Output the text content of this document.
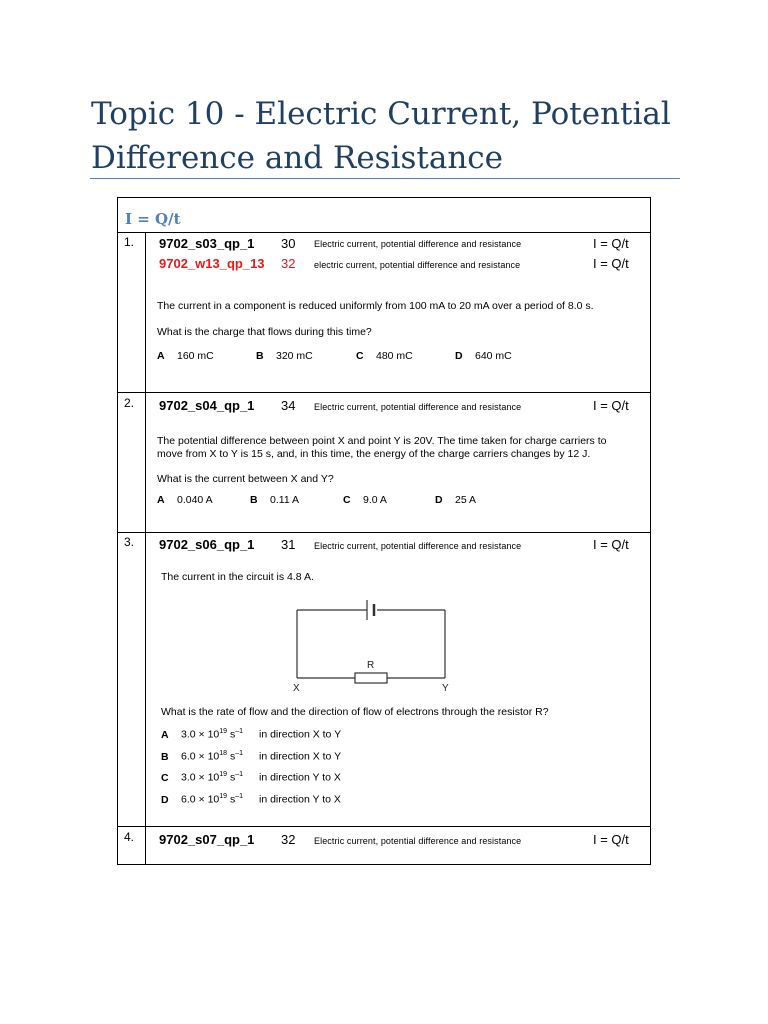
Topic 10 - Electric Current, Potential
Difference and Resistance
I = Q/t
1. 9702_s03_qp_1 30 Electric current, potential difference and resistance	I = Q/t
9702_w13_qp_13 32 electric current, potential difference and resistance	I = Q/t
The current in a component is reduced uniformly from 100 mA to 20 mA over a period of 8.0 s.
What is the charge that flows during this time?
A 160 mC	B 320 mC	C 480 mC	D 640 mC
2. 9702_s04_qp_1 34 Electric current, potential difference and resistance	I = Q/t
The potential difference between point X and point Y is 20V. The time taken for charge carriers to
move from X to Y is 15 s, and, in this time, the energy of the charge carriers changes by 12 J.
What is the current between X and Y?
A 0.040 A	B 0.11 A	C 9.0 A	D 25 A
3. 9702_s06_qp_1 31 Electric current, potential difference and resistance	I = Q/t
The current in the circuit is 4.8 A.
R
X	Y
What is the rate of flow and the direction of flow of electrons through the resistor R?
A $3.0 \times 10^{19}$ $s^{-1}$ in direction X to Y
B $6.0 \times 10^{18}$ $s^{-1}$ in direction X to Y
C $3.0 \times 10^{19}$ $s^{-1}$ in direction Y to X
D $6.0 \times 10^{19}$ $s^{-1}$ in direction Y to X
4. 9702_s07_qp_1 32 Electric current, potential difference and resistance	I = Q/t
